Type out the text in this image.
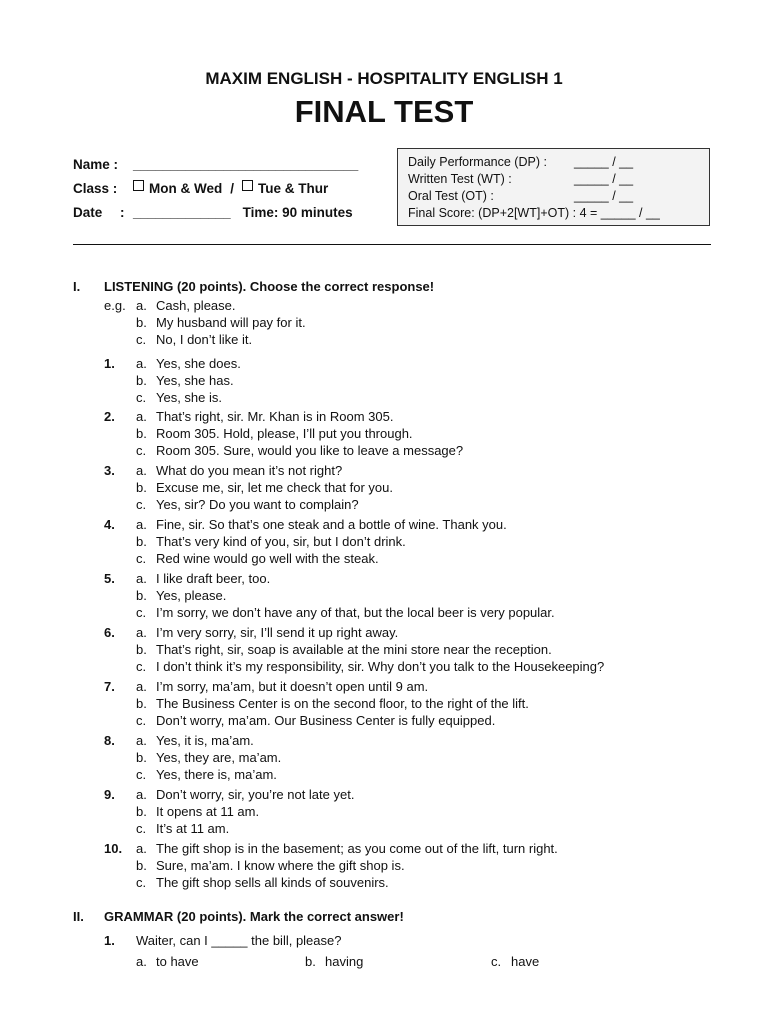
MAXIM ENGLISH - HOSPITALITY ENGLISH 1
FINAL TEST
Name :	______________________________
Class :	Mon & Wed / Tue & Thur
Date	: _____________ Time: 90 minutes
Daily Performance (DP) : _____ / __
Written Test (WT) :	_____ / __
Oral Test (OT) :	_____ / __
Final Score: (DP+2[WT]+OT) : 4 = _____ / __
I. LISTENING (20 points). Choose the correct response!
e.g. a. Cash, please.
b. My husband will pay for it.
c. No, I don’t like it.
1. a. Yes, she does.
b. Yes, she has.
c. Yes, she is.
2. a. That’s right, sir. Mr. Khan is in Room 305.
b. Room 305. Hold, please, I’ll put you through.
c. Room 305. Sure, would you like to leave a message?
3. a. What do you mean it’s not right?
b. Excuse me, sir, let me check that for you.
c. Yes, sir? Do you want to complain?
4. a. Fine, sir. So that’s one steak and a bottle of wine. Thank you.
b. That’s very kind of you, sir, but I don’t drink.
c. Red wine would go well with the steak.
5. a. I like draft beer, too.
b. Yes, please.
c. I’m sorry, we don’t have any of that, but the local beer is very popular.
6. a. I’m very sorry, sir, I’ll send it up right away.
b. That’s right, sir, soap is available at the mini store near the reception.
c. I don’t think it’s my responsibility, sir. Why don’t you talk to the Housekeeping?
7. a. I’m sorry, ma’am, but it doesn’t open until 9 am.
b. The Business Center is on the second floor, to the right of the lift.
c. Don’t worry, ma’am. Our Business Center is fully equipped.
8. a. Yes, it is, ma’am.
b. Yes, they are, ma’am.
c. Yes, there is, ma’am.
9. a. Don’t worry, sir, you’re not late yet.
b. It opens at 11 am.
c. It’s at 11 am.
10. a. The gift shop is in the basement; as you come out of the lift, turn right.
b. Sure, ma’am. I know where the gift shop is.
c. The gift shop sells all kinds of souvenirs.
II. GRAMMAR (20 points). Mark the correct answer!
1. Waiter, can I _____ the bill, please?
a. to have	b. having	c. have
